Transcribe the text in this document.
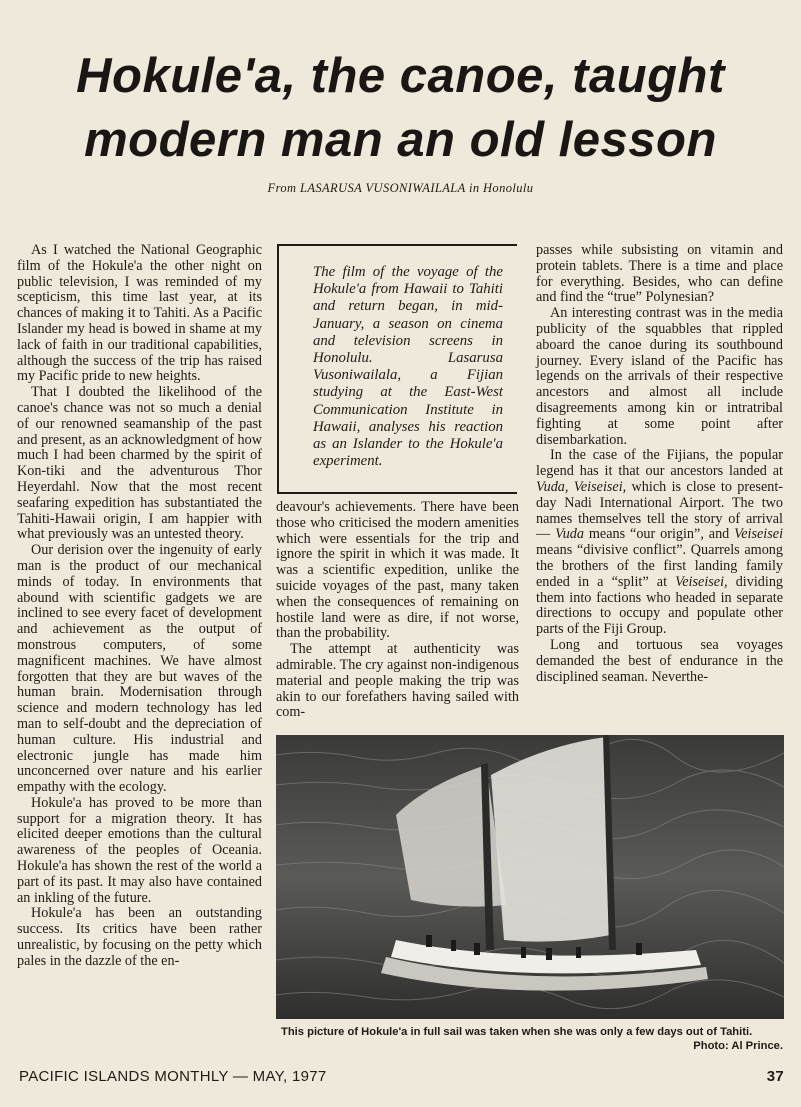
Hokule'a, the canoe, taught
modern man an old lesson
From LASARUSA VUSONIWAILALA in Honolulu

As I watched the National Geographic film of the Hokule'a the other night on public television, I was reminded of my scepticism, this time last year, at its chances of making it to Tahiti. As a Pacific Islander my head is bowed in shame at my lack of faith in our traditional capabilities, although the success of the trip has raised my Pacific pride to new heights.

That I doubted the likelihood of the canoe's chance was not so much a denial of our renowned seamanship of the past and present, as an acknowledgment of how much I had been charmed by the spirit of Kon-tiki and the adventurous Thor Heyerdahl. Now that the most recent seafaring expedition has substantiated the Tahiti-Hawaii origin, I am happier with what previously was an untested theory.

Our derision over the ingenuity of early man is the product of our mechanical minds of today. In environments that abound with scientific gadgets we are inclined to see every facet of development and achievement as the output of monstrous computers, of some magnificent machines. We have almost forgotten that they are but waves of the human brain. Modernisation through science and modern technology has led man to self-doubt and the depreciation of human culture. His industrial and electronic jungle has made him unconcerned over nature and his earlier empathy with the ecology.

Hokule'a has proved to be more than support for a migration theory. It has elicited deeper emotions than the cultural awareness of the peoples of Oceania. Hokule'a has shown the rest of the world a part of its past. It may also have contained an inkling of the future.

Hokule'a has been an outstanding success. Its critics have been rather unrealistic, by focusing on the petty which pales in the dazzle of the en-

The film of the voyage of the Hokule'a from Hawaii to Tahiti and return began, in mid-January, a season on cinema and television screens in Honolulu. Lasarusa Vusoniwailala, a Fijian studying at the East-West Communication Institute in Hawaii, analyses his reaction as an Islander to the Hokule'a experiment.

deavour's achievements. There have been those who criticised the modern amenities which were essentials for the trip and ignore the spirit in which it was made. It was a scientific expedition, unlike the suicide voyages of the past, many taken when the consequences of remaining on hostile land were as dire, if not worse, than the probability.

The attempt at authenticity was admirable. The cry against non-indigenous material and people making the trip was akin to our forefathers having sailed with com-

passes while subsisting on vitamin and protein tablets. There is a time and place for everything. Besides, who can define and find the “true” Polynesian?

An interesting contrast was in the media publicity of the squabbles that rippled aboard the canoe during its southbound journey. Every island of the Pacific has legends on the arrivals of their respective ancestors and almost all include disagreements among kin or intratribal fighting at some point after disembarkation.

In the case of the Fijians, the popular legend has it that our ancestors landed at Vuda, Veiseisei, which is close to present-day Nadi International Airport. The two names themselves tell the story of arrival — Vuda means “our origin”, and Veiseisei means “divisive conflict”. Quarrels among the brothers of the first landing family ended in a “split” at Veiseisei, dividing them into factions who headed in separate directions to occupy and populate other parts of the Fiji Group.

Long and tortuous sea voyages demanded the best of endurance in the disciplined seaman. Neverthe-

This picture of Hokule'a in full sail was taken when she was only a few days out of Tahiti.
Photo: Al Prince.
PACIFIC ISLANDS MONTHLY — MAY, 1977	37
